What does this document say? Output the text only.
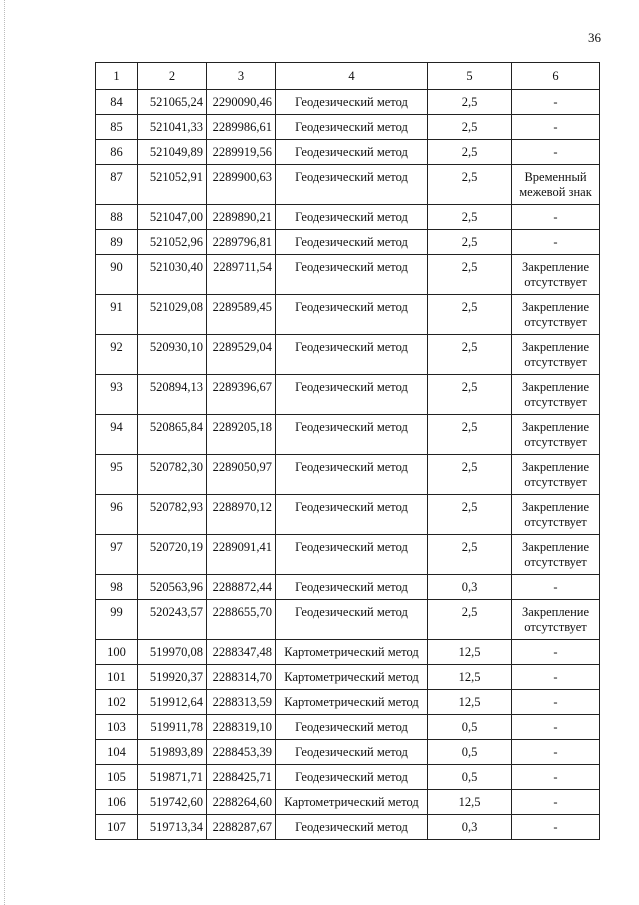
36
1	2	3	4	5	6
84	521065,24	2290090,46	Геодезический метод	2,5	-
85	521041,33	2289986,61	Геодезический метод	2,5	-
86	521049,89	2289919,56	Геодезический метод	2,5	-
87	521052,91	2289900,63	Геодезический метод	2,5	Временный межевой знак
88	521047,00	2289890,21	Геодезический метод	2,5	-
89	521052,96	2289796,81	Геодезический метод	2,5	-
90	521030,40	2289711,54	Геодезический метод	2,5	Закрепление отсутствует
91	521029,08	2289589,45	Геодезический метод	2,5	Закрепление отсутствует
92	520930,10	2289529,04	Геодезический метод	2,5	Закрепление отсутствует
93	520894,13	2289396,67	Геодезический метод	2,5	Закрепление отсутствует
94	520865,84	2289205,18	Геодезический метод	2,5	Закрепление отсутствует
95	520782,30	2289050,97	Геодезический метод	2,5	Закрепление отсутствует
96	520782,93	2288970,12	Геодезический метод	2,5	Закрепление отсутствует
97	520720,19	2289091,41	Геодезический метод	2,5	Закрепление отсутствует
98	520563,96	2288872,44	Геодезический метод	0,3	-
99	520243,57	2288655,70	Геодезический метод	2,5	Закрепление отсутствует
100	519970,08	2288347,48	Картометрический метод	12,5	-
101	519920,37	2288314,70	Картометрический метод	12,5	-
102	519912,64	2288313,59	Картометрический метод	12,5	-
103	519911,78	2288319,10	Геодезический метод	0,5	-
104	519893,89	2288453,39	Геодезический метод	0,5	-
105	519871,71	2288425,71	Геодезический метод	0,5	-
106	519742,60	2288264,60	Картометрический метод	12,5	-
107	519713,34	2288287,67	Геодезический метод	0,3	-
